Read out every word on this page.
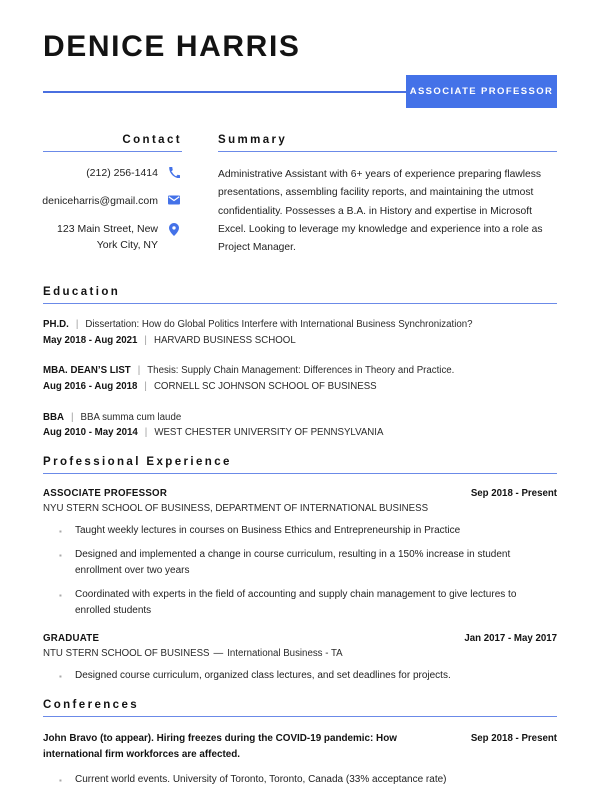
DENICE HARRIS
ASSOCIATE PROFESSOR
Contact
(212) 256-1414
deniceharris@gmail.com
123 Main Street, New York City, NY
Summary
Administrative Assistant with 6+ years of experience preparing flawless presentations, assembling facility reports, and maintaining the utmost confidentiality. Possesses a B.A. in History and expertise in Microsoft Excel. Looking to leverage my knowledge and experience into a role as Project Manager.
Education
PH.D. | Dissertation: How do Global Politics Interfere with International Business Synchronization?
May 2018 - Aug 2021 | HARVARD BUSINESS SCHOOL
MBA. DEAN’S LIST | Thesis: Supply Chain Management: Differences in Theory and Practice.
Aug 2016 - Aug 2018 | CORNELL SC JOHNSON SCHOOL OF BUSINESS
BBA | BBA summa cum laude
Aug 2010 - May 2014 | WEST CHESTER UNIVERSITY OF PENNSYLVANIA
Professional Experience
ASSOCIATE PROFESSOR	Sep 2018 - Present
NYU STERN SCHOOL OF BUSINESS, DEPARTMENT OF INTERNATIONAL BUSINESS
▪	Taught weekly lectures in courses on Business Ethics and Entrepreneurship in Practice
▪	Designed and implemented a change in course curriculum, resulting in a 150% increase in student enrollment over two years
▪	Coordinated with experts in the field of accounting and supply chain management to give lectures to enrolled students
GRADUATE	Jan 2017 - May 2017
NTU STERN SCHOOL OF BUSINESS — International Business - TA
▪	Designed course curriculum, organized class lectures, and set deadlines for projects.
Conferences
John Bravo (to appear). Hiring freezes during the COVID-19 pandemic: How international firm workforces are affected.
Sep 2018 - Present
▪	Current world events. University of Toronto, Toronto, Canada (33% acceptance rate)
